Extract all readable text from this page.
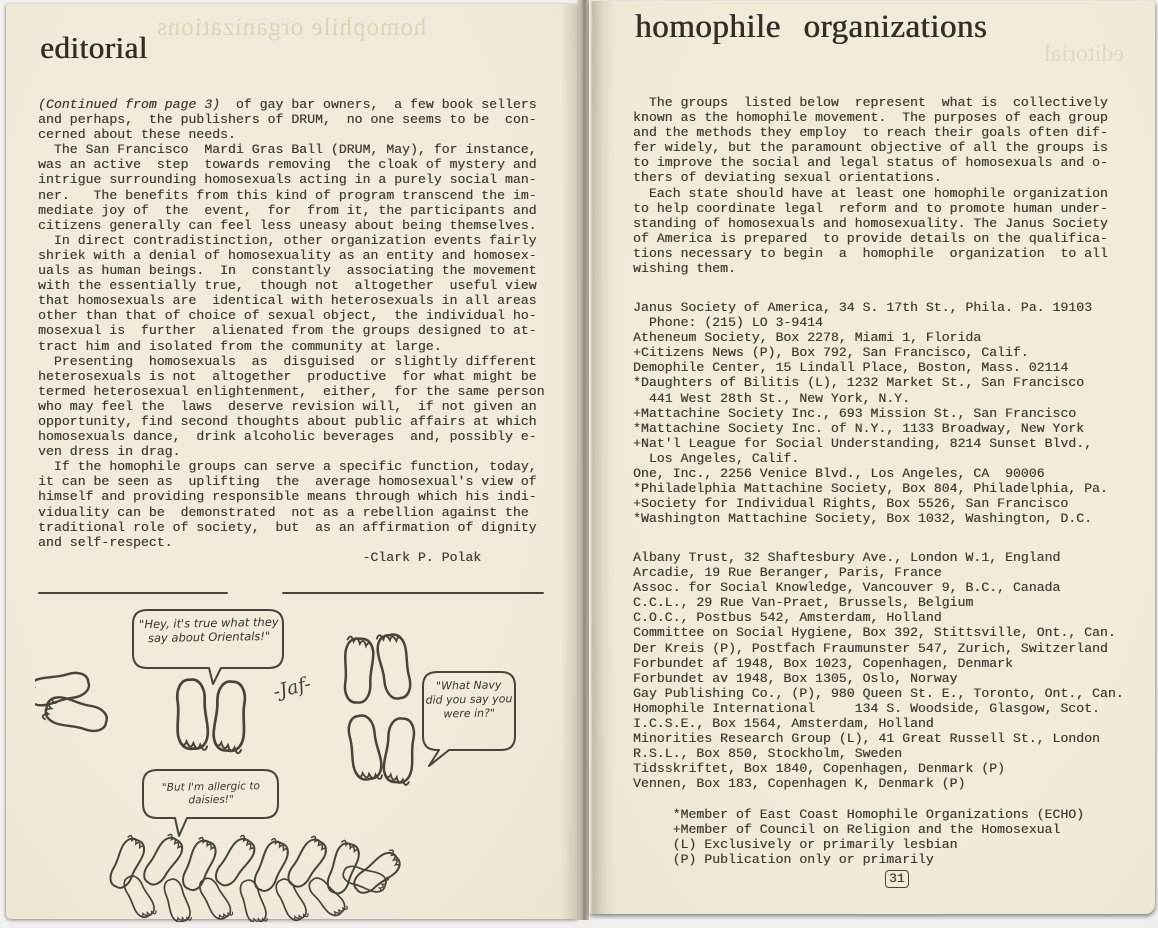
homophile organizations
editorial
(Continued from page 3)  of gay bar owners,  a few book sellers
and perhaps,  the publishers of DRUM,  no one seems to be  con-
cerned about these needs.
The San Francisco  Mardi Gras Ball (DRUM, May), for instance,
was an active  step  towards removing  the cloak of mystery and
intrigue surrounding homosexuals acting in a purely social man-
ner.   The benefits from this kind of program transcend the im-
mediate joy of  the  event,  for  from it, the participants and
citizens generally can feel less uneasy about being themselves.
In direct contradistinction, other organization events fairly
shriek with a denial of homosexuality as an entity and homosex-
uals as human beings.  In  constantly  associating the movement
with the essentially true,  though not  altogether  useful view
that homosexuals are  identical with heterosexuals in all areas
other than that of choice of sexual object,  the individual ho-
mosexual is  further  alienated from the groups designed to at-
tract him and isolated from the community at large.
Presenting  homosexuals  as  disguised  or slightly different
heterosexuals is not  altogether  productive  for what might be
termed heterosexual enlightenment,  either,  for the same person
who may feel the  laws  deserve revision will,  if not given an
opportunity, find second thoughts about public affairs at which
homosexuals dance,  drink alcoholic beverages  and, possibly e-
ven dress in drag.
If the homophile groups can serve a specific function, today,
it can be seen as  uplifting  the  average homosexual's view of
himself and providing responsible means through which his indi-
viduality can be  demonstrated  not as a rebellion against the
traditional role of society,  but  as an affirmation of dignity
and self-respect.
-Clark P. Polak
"Hey, it's true what they
say about Orientals!"
"What Navy
did you say you
were in?"
"But I'm allergic to daisies!"
-Jaf-
editorial
homophile organizations
The groups  listed below  represent  what is  collectively
known as the homophile movement.  The purposes of each group
and the methods they employ  to reach their goals often dif-
fer widely, but the paramount objective of all the groups is
to improve the social and legal status of homosexuals and o-
thers of deviating sexual orientations.
Each state should have at least one homophile organization
to help coordinate legal  reform and to promote human under-
standing of homosexuals and homosexuality. The Janus Society
of America is prepared  to provide details on the qualifica-
tions necessary to begin  a  homophile  organization  to all
wishing them.
Janus Society of America, 34 S. 17th St., Phila. Pa. 19103
Phone: (215) LO 3-9414
Atheneum Society, Box 2278, Miami 1, Florida
+Citizens News (P), Box 792, San Francisco, Calif.
Demophile Center, 15 Lindall Place, Boston, Mass. 02114
*Daughters of Bilitis (L), 1232 Market St., San Francisco
441 West 28th St., New York, N.Y.
+Mattachine Society Inc., 693 Mission St., San Francisco
*Mattachine Society Inc. of N.Y., 1133 Broadway, New York
+Nat'l League for Social Understanding, 8214 Sunset Blvd.,
Los Angeles, Calif.
One, Inc., 2256 Venice Blvd., Los Angeles, CA  90006
*Philadelphia Mattachine Society, Box 804, Philadelphia, Pa.
+Society for Individual Rights, Box 5526, San Francisco
*Washington Mattachine Society, Box 1032, Washington, D.C.
Albany Trust, 32 Shaftesbury Ave., London W.1, England
Arcadie, 19 Rue Beranger, Paris, France
Assoc. for Social Knowledge, Vancouver 9, B.C., Canada
C.C.L., 29 Rue Van-Praet, Brussels, Belgium
C.O.C., Postbus 542, Amsterdam, Holland
Committee on Social Hygiene, Box 392, Stittsville, Ont., Can.
Der Kreis (P), Postfach Fraumunster 547, Zurich, Switzerland
Forbundet af 1948, Box 1023, Copenhagen, Denmark
Forbundet av 1948, Box 1305, Oslo, Norway
Gay Publishing Co., (P), 980 Queen St. E., Toronto, Ont., Can.
Homophile International     134 S. Woodside, Glasgow, Scot.
I.C.S.E., Box 1564, Amsterdam, Holland
Minorities Research Group (L), 41 Great Russell St., London
R.S.L., Box 850, Stockholm, Sweden
Tidsskriftet, Box 1840, Copenhagen, Denmark (P)
Vennen, Box 183, Copenhagen K, Denmark (P)
*Member of East Coast Homophile Organizations (ECHO)
+Member of Council on Religion and the Homosexual
(L) Exclusively or primarily lesbian
(P) Publication only or primarily
31
